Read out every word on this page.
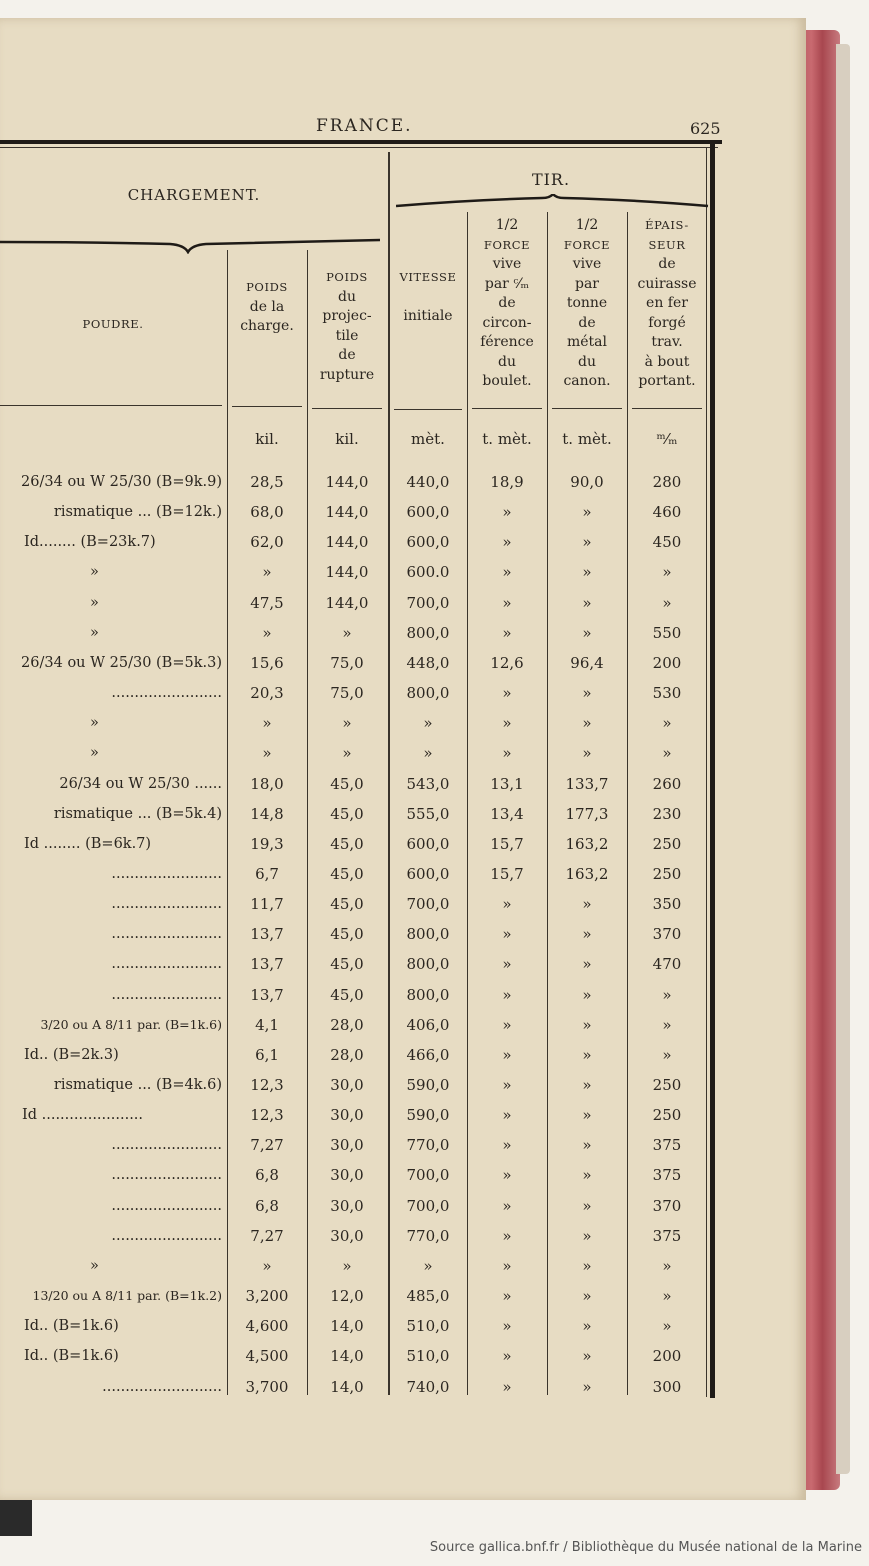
FRANCE.	625
CHARGEMENT.
TIR.
POUDRE.
POIDS
de la
charge.
POIDS
du
projec-
tile
de
rupture
VITESSE

initiale
1/2
FORCE
vive
par ᶜ⁄ₘ
de
circon-
férence
du
boulet.
1/2
FORCE
vive
par
tonne
de
métal
du
canon.
ÉPAIS-
SEUR
de
cuirasse
en fer
forgé
trav.
à bout
portant.
kil.	kil.	mèt.	t. mèt.	t. mèt.	ᵐ⁄ₘ
26/34 ou W 25/30 (B=9k.9)	28,5	144,0	440,0	18,9	90,0	280
rismatique ... (B=12k.)	68,0	144,0	600,0	»	»	460
Id........ (B=23k.7)	62,0	144,0	600,0	»	»	450
»	»	144,0	600.0	»	»	»
»	47,5	144,0	700,0	»	»	»
»	»	»	800,0	»	»	550
26/34 ou W 25/30 (B=5k.3)	15,6	75,0	448,0	12,6	96,4	200
........................	20,3	75,0	800,0	»	»	530
»	»	»	»	»	»	»
»	»	»	»	»	»	»
26/34 ou W 25/30 ......	18,0	45,0	543,0	13,1	133,7	260
rismatique ... (B=5k.4)	14,8	45,0	555,0	13,4	177,3	230
Id ........ (B=6k.7)	19,3	45,0	600,0	15,7	163,2	250
........................	6,7	45,0	600,0	15,7	163,2	250
........................	11,7	45,0	700,0	»	»	350
........................	13,7	45,0	800,0	»	»	370
........................	13,7	45,0	800,0	»	»	470
........................	13,7	45,0	800,0	»	»	»
3/20 ou A 8/11 par. (B=1k.6)	4,1	28,0	406,0	»	»	»
Id.. (B=2k.3)	6,1	28,0	466,0	»	»	»
rismatique ... (B=4k.6)	12,3	30,0	590,0	»	»	250
Id ......................	12,3	30,0	590,0	»	»	250
........................	7,27	30,0	770,0	»	»	375
........................	6,8	30,0	700,0	»	»	375
........................	6,8	30,0	700,0	»	»	370
........................	7,27	30,0	770,0	»	»	375
»	»	»	»	»	»	»
13/20 ou A 8/11 par. (B=1k.2)	3,200	12,0	485,0	»	»	»
Id.. (B=1k.6)	4,600	14,0	510,0	»	»	»
Id.. (B=1k.6)	4,500	14,0	510,0	»	»	200
..........................	3,700	14,0	740,0	»	»	300
Source gallica.bnf.fr / Bibliothèque du Musée national de la Marine
